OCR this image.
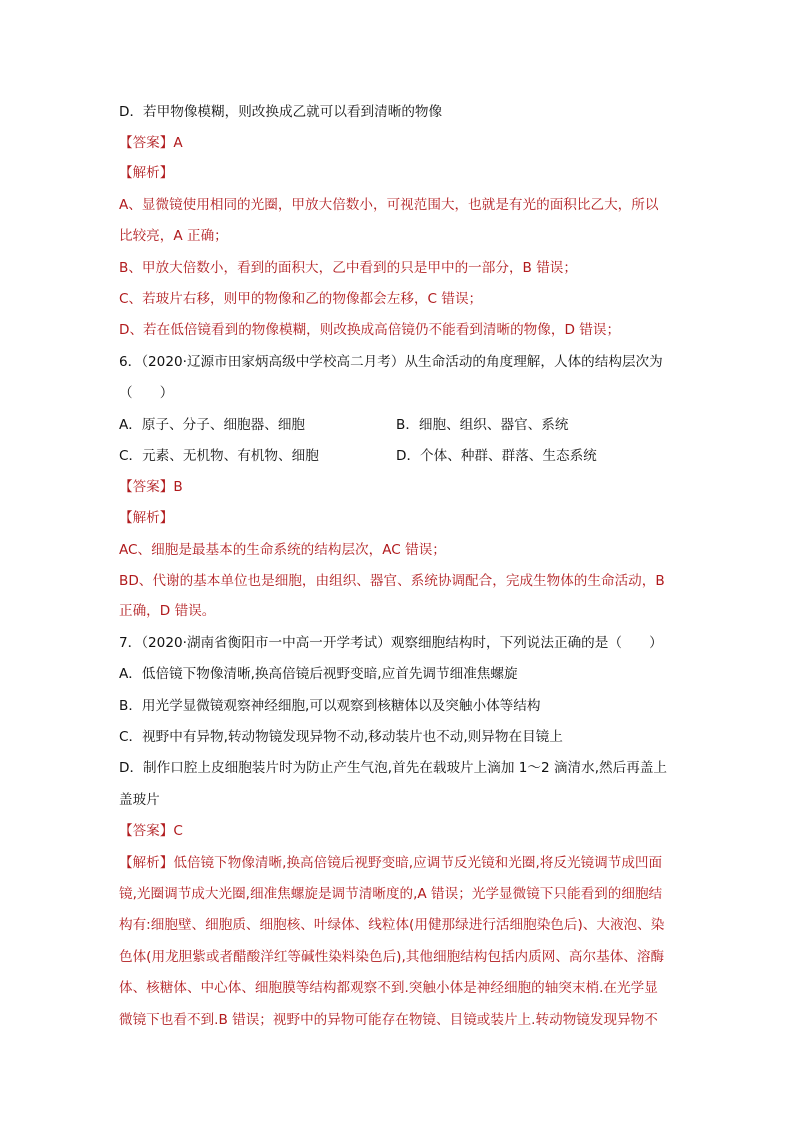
D．若甲物像模糊，则改换成乙就可以看到清晰的物像
【答案】A
【解析】
A、显微镜使用相同的光圈，甲放大倍数小，可视范围大，也就是有光的面积比乙大，所以
比较亮，A 正确；
B、甲放大倍数小，看到的面积大，乙中看到的只是甲中的一部分，B 错误；
C、若玻片右移，则甲的物像和乙的物像都会左移，C 错误；
D、若在低倍镜看到的物像模糊，则改换成高倍镜仍不能看到清晰的物像，D 错误；
6．（2020·辽源市田家炳高级中学校高二月考）从生命活动的角度理解，人体的结构层次为
（　　）
A．原子、分子、细胞器、细胞	B．细胞、组织、器官、系统
C．元素、无机物、有机物、细胞	D．个体、种群、群落、生态系统
【答案】B
【解析】
AC、细胞是最基本的生命系统的结构层次，AC 错误；
BD、代谢的基本单位也是细胞，由组织、器官、系统协调配合，完成生物体的生命活动，B
正确，D 错误。
7．（2020·湖南省衡阳市一中高一开学考试）观察细胞结构时，下列说法正确的是（　　）
A．低倍镜下物像清晰,换高倍镜后视野变暗,应首先调节细准焦螺旋
B．用光学显微镜观察神经细胞,可以观察到核糖体以及突触小体等结构
C．视野中有异物,转动物镜发现异物不动,移动装片也不动,则异物在目镜上
D．制作口腔上皮细胞装片时为防止产生气泡,首先在载玻片上滴加 1～2 滴清水,然后再盖上
盖玻片
【答案】C
【解析】低倍镜下物像清晰,换高倍镜后视野变暗,应调节反光镜和光圈,将反光镜调节成凹面
镜,光圈调节成大光圈,细准焦螺旋是调节清晰度的,A 错误；光学显微镜下只能看到的细胞结
构有:细胞壁、细胞质、细胞核、叶绿体、线粒体(用健那绿进行活细胞染色后)、大液泡、染
色体(用龙胆紫或者醋酸洋红等碱性染料染色后),其他细胞结构包括内质网、高尔基体、溶酶
体、核糖体、中心体、细胞膜等结构都观察不到.突触小体是神经细胞的轴突末梢.在光学显
微镜下也看不到.B 错误；视野中的异物可能存在物镜、目镜或装片上.转动物镜发现异物不
